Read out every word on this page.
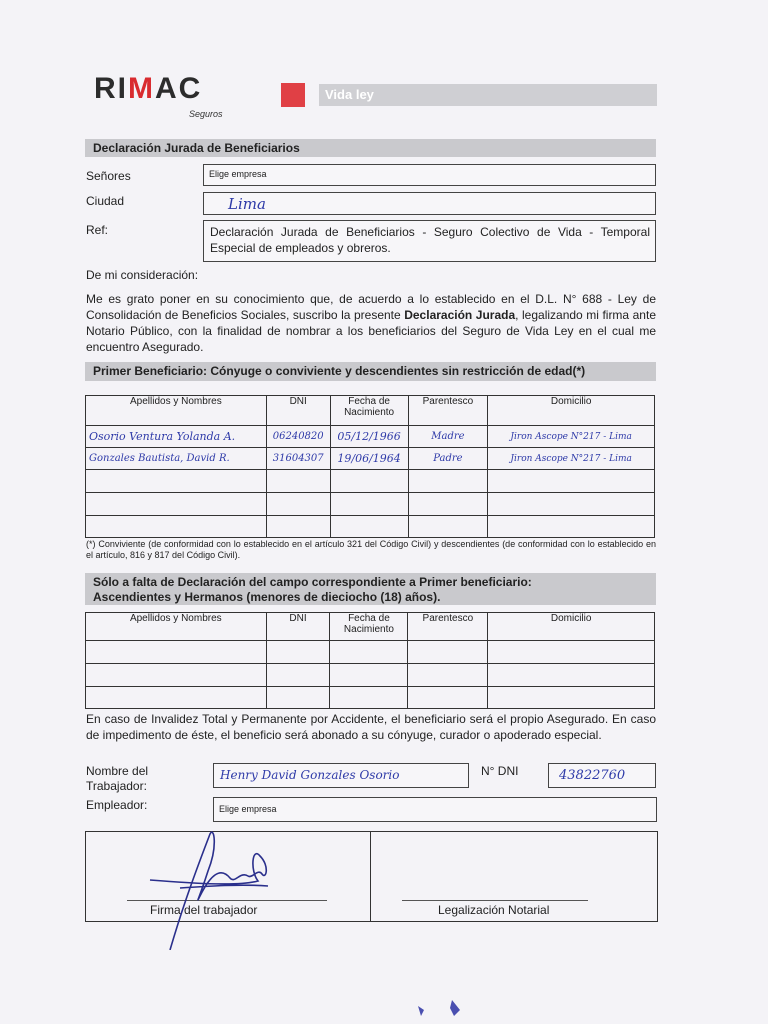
RIMAC
Seguros
Vida ley
Declaración Jurada de Beneficiarios
Señores	Elige empresa
Ciudad	Lima
Ref:	Declaración Jurada de Beneficiarios - Seguro Colectivo de Vida - Temporal Especial de empleados y obreros.
De mi consideración:
Me es grato poner en su conocimiento que, de acuerdo a lo establecido en el D.L. N° 688 - Ley de Consolidación de Beneficios Sociales, suscribo la presente Declaración Jurada, legalizando mi firma ante Notario Público, con la finalidad de nombrar a los beneficiarios del Seguro de Vida Ley en el cual me encuentro Asegurado.
Primer Beneficiario: Cónyuge o conviviente y descendientes sin restricción de edad(*)
Apellidos y Nombres	DNI	Fecha de Nacimiento	Parentesco	Domicilio
Osorio Ventura Yolanda A.	06240820	05/12/1966	Madre	Jiron Ascope N°217 - Lima
Gonzales Bautista, David R.	31604307	19/06/1964	Padre	Jiron Ascope N°217 - Lima

(*) Conviviente (de conformidad con lo establecido en el artículo 321 del Código Civil) y descendientes (de conformidad con lo establecido en el artículo, 816 y 817 del Código Civil).
Sólo a falta de Declaración del campo correspondiente a Primer beneficiario:
Ascendientes y Hermanos (menores de dieciocho (18) años).
Apellidos y Nombres	DNI	Fecha de Nacimiento	Parentesco	Domicilio

En caso de Invalidez Total y Permanente por Accidente, el beneficiario será el propio Asegurado. En caso de impedimento de éste, el beneficio será abonado a su cónyuge, curador o apoderado especial.
Nombre del
Trabajador:
Henry David Gonzales Osorio	N° DNI	43822760
Empleador:	Elige empresa
Firma del trabajador	Legalización Notarial
